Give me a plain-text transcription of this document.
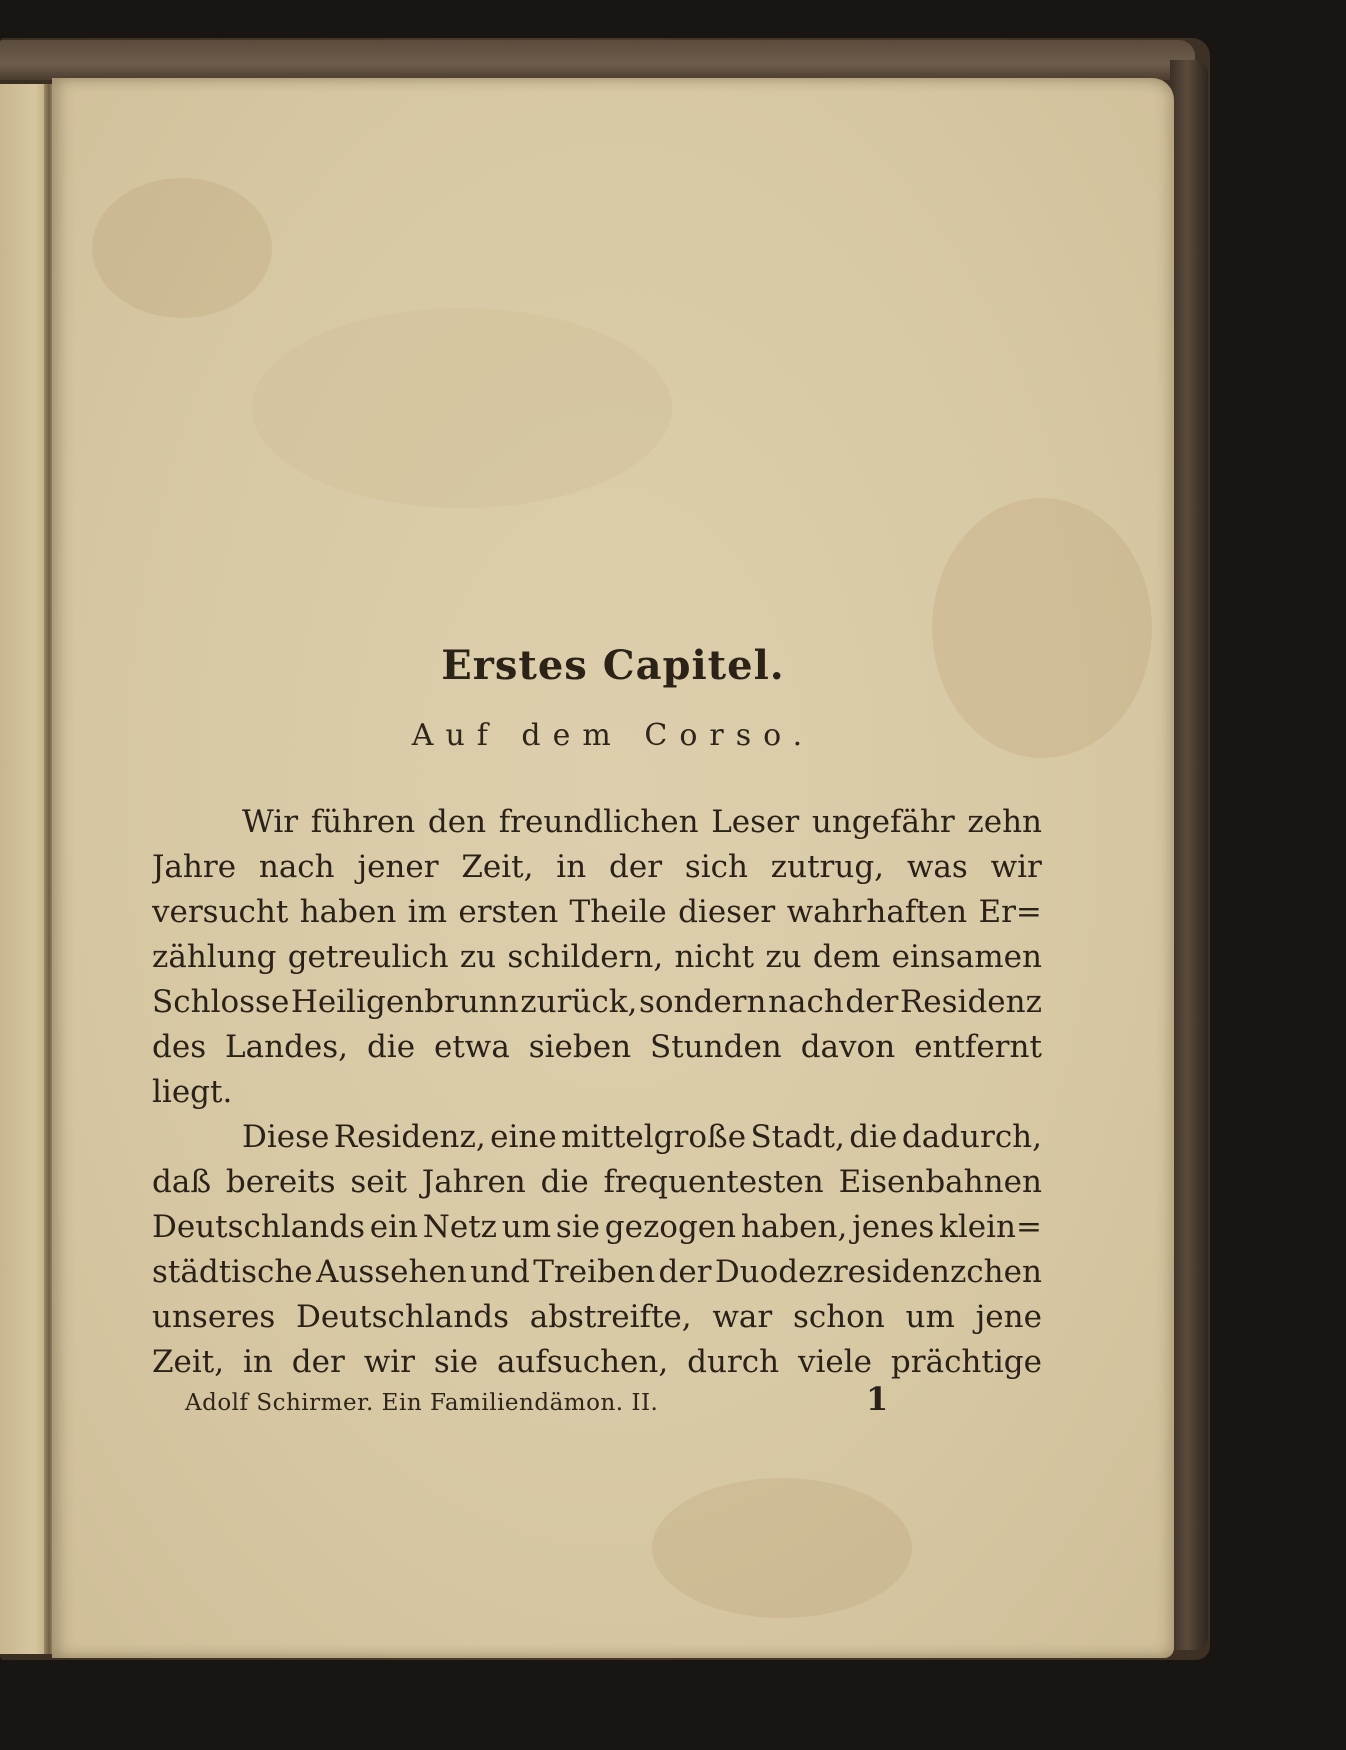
Erstes Capitel.
Auf dem Corso.
Wir führen den freundlichen Leser ungefähr zehn
Jahre nach jener Zeit, in der sich zutrug, was wir
versucht haben im ersten Theile dieser wahrhaften Er=
zählung getreulich zu schildern, nicht zu dem einsamen
Schlosse Heiligenbrunn zurück, sondern nach der Residenz
des Landes, die etwa sieben Stunden davon entfernt
liegt.
Diese Residenz, eine mittelgroße Stadt, die dadurch,
daß bereits seit Jahren die frequentesten Eisenbahnen
Deutschlands ein Netz um sie gezogen haben, jenes klein=
städtische Aussehen und Treiben der Duodezresidenzchen
unseres Deutschlands abstreifte, war schon um jene
Zeit, in der wir sie aufsuchen, durch viele prächtige
Adolf Schirmer. Ein Familiendämon. II.	1
